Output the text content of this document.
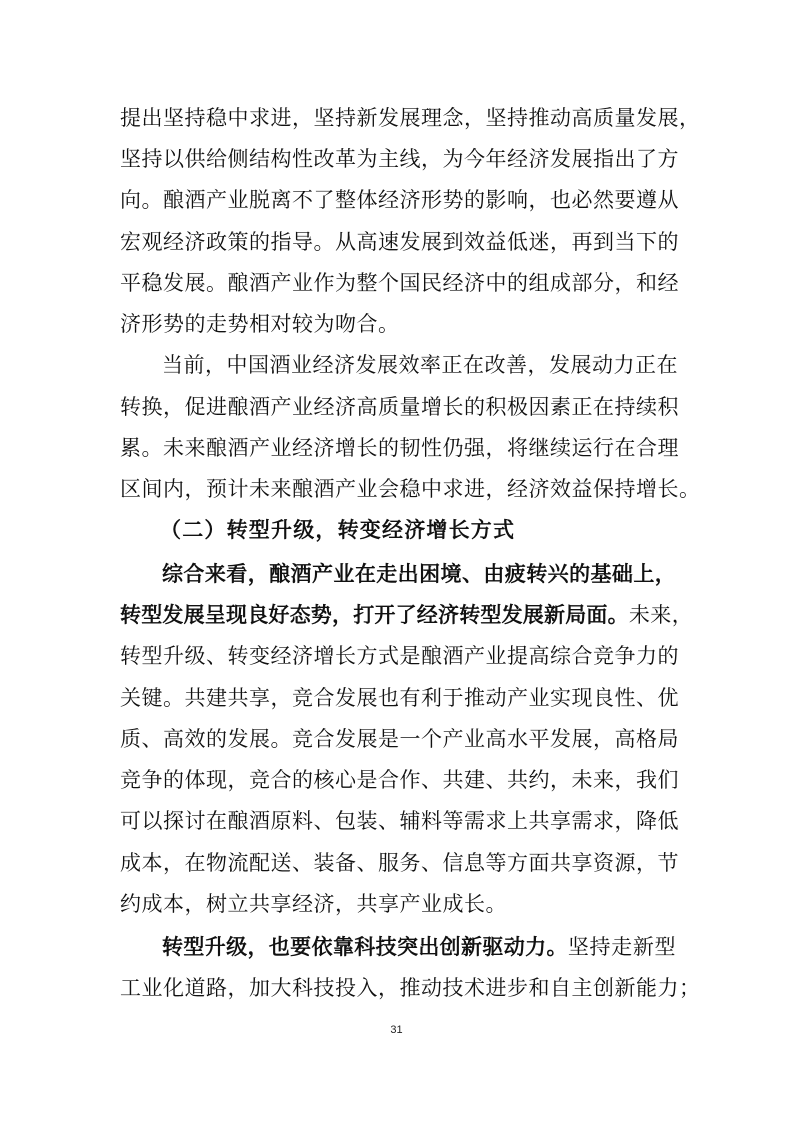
提出坚持稳中求进，坚持新发展理念，坚持推动高质量发展，
坚持以供给侧结构性改革为主线，为今年经济发展指出了方
向。酿酒产业脱离不了整体经济形势的影响，也必然要遵从
宏观经济政策的指导。从高速发展到效益低迷，再到当下的
平稳发展。酿酒产业作为整个国民经济中的组成部分，和经
济形势的走势相对较为吻合。
当前，中国酒业经济发展效率正在改善，发展动力正在
转换，促进酿酒产业经济高质量增长的积极因素正在持续积
累。未来酿酒产业经济增长的韧性仍强，将继续运行在合理
区间内，预计未来酿酒产业会稳中求进，经济效益保持增长。
（二）转型升级，转变经济增长方式
综合来看，酿酒产业在走出困境、由疲转兴的基础上，
转型发展呈现良好态势，打开了经济转型发展新局面。未来，
转型升级、转变经济增长方式是酿酒产业提高综合竞争力的
关键。共建共享，竞合发展也有利于推动产业实现良性、优
质、高效的发展。竞合发展是一个产业高水平发展，高格局
竞争的体现，竞合的核心是合作、共建、共约，未来，我们
可以探讨在酿酒原料、包装、辅料等需求上共享需求，降低
成本，在物流配送、装备、服务、信息等方面共享资源，节
约成本，树立共享经济，共享产业成长。
转型升级，也要依靠科技突出创新驱动力。坚持走新型
工业化道路，加大科技投入，推动技术进步和自主创新能力；
31
